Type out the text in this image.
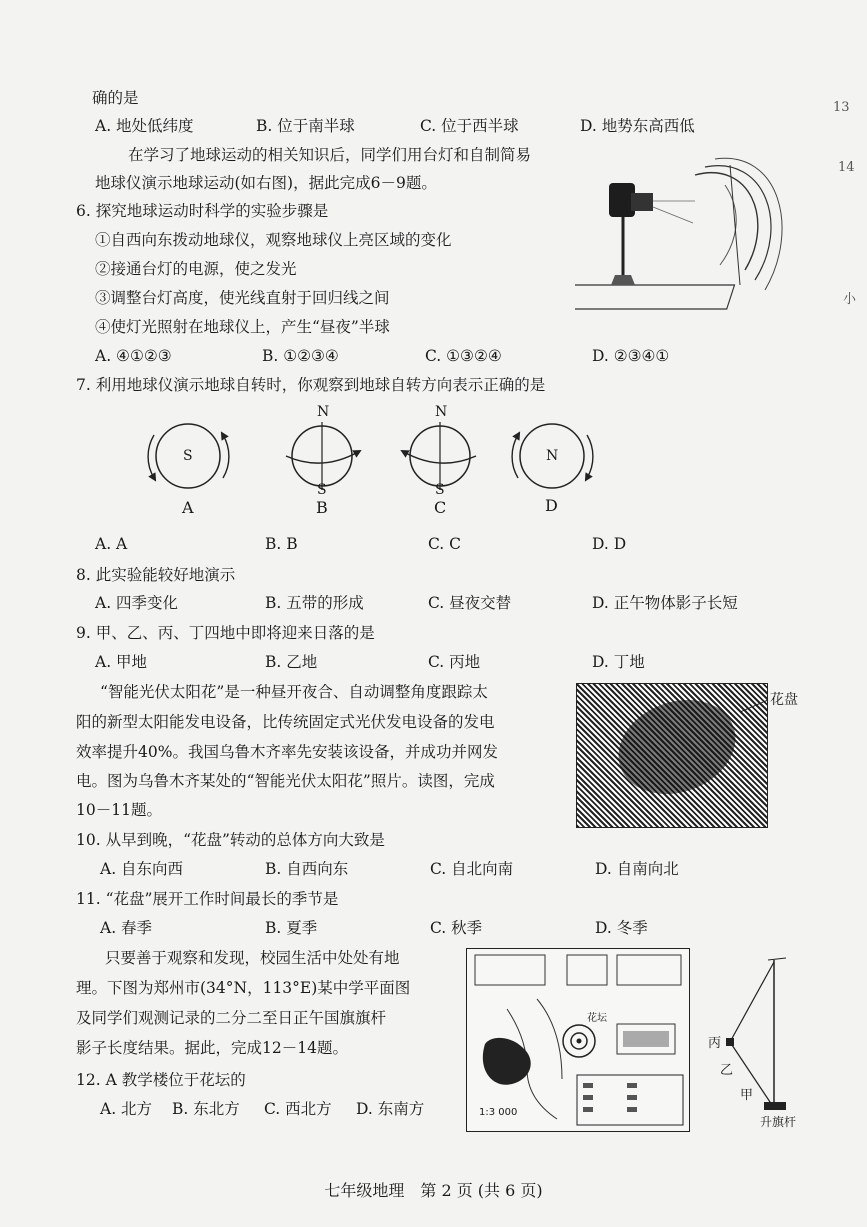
确的是
A. 地处低纬度	B. 位于南半球	C. 位于西半球	D. 地势东高西低
在学习了地球运动的相关知识后，同学们用台灯和自制简易
地球仪演示地球运动(如右图)，据此完成6－9题。
6. 探究地球运动时科学的实验步骤是
①自西向东拨动地球仪，观察地球仪上亮区域的变化
②接通台灯的电源，使之发光
③调整台灯高度，使光线直射于回归线之间
④使灯光照射在地球仪上，产生“昼夜”半球
A. ④①②③	B. ①②③④	C. ①③②④	D. ②③④①
7. 利用地球仪演示地球自转时，你观察到地球自转方向表示正确的是
S
N
S
N
S
N
A	B	C	D
A. A	B. B	C. C	D. D
8. 此实验能较好地演示
A. 四季变化	B. 五带的形成	C. 昼夜交替	D. 正午物体影子长短
9. 甲、乙、丙、丁四地中即将迎来日落的是
A. 甲地	B. 乙地	C. 丙地	D. 丁地
“智能光伏太阳花”是一种昼开夜合、自动调整角度跟踪太
阳的新型太阳能发电设备，比传统固定式光伏发电设备的发电
效率提升40%。我国乌鲁木齐率先安装该设备，并成功并网发
电。图为乌鲁木齐某处的“智能光伏太阳花”照片。读图，完成
10－11题。
花盘
10. 从早到晚，“花盘”转动的总体方向大致是
A. 自东向西	B. 自西向东	C. 自北向南	D. 自南向北
11. “花盘”展开工作时间最长的季节是
A. 春季	B. 夏季	C. 秋季	D. 冬季
只要善于观察和发现，校园生活中处处有地
理。下图为郑州市(34°N，113°E)某中学平面图
及同学们观测记录的二分二至日正午国旗旗杆
影子长度结果。据此，完成12－14题。
花坛
1:3 000
丙
乙
甲
升旗杆
12. A 教学楼位于花坛的
A. 北方 B. 东北方 C. 西北方 D. 东南方
13
14
小
七年级地理　第 2 页 (共 6 页)
